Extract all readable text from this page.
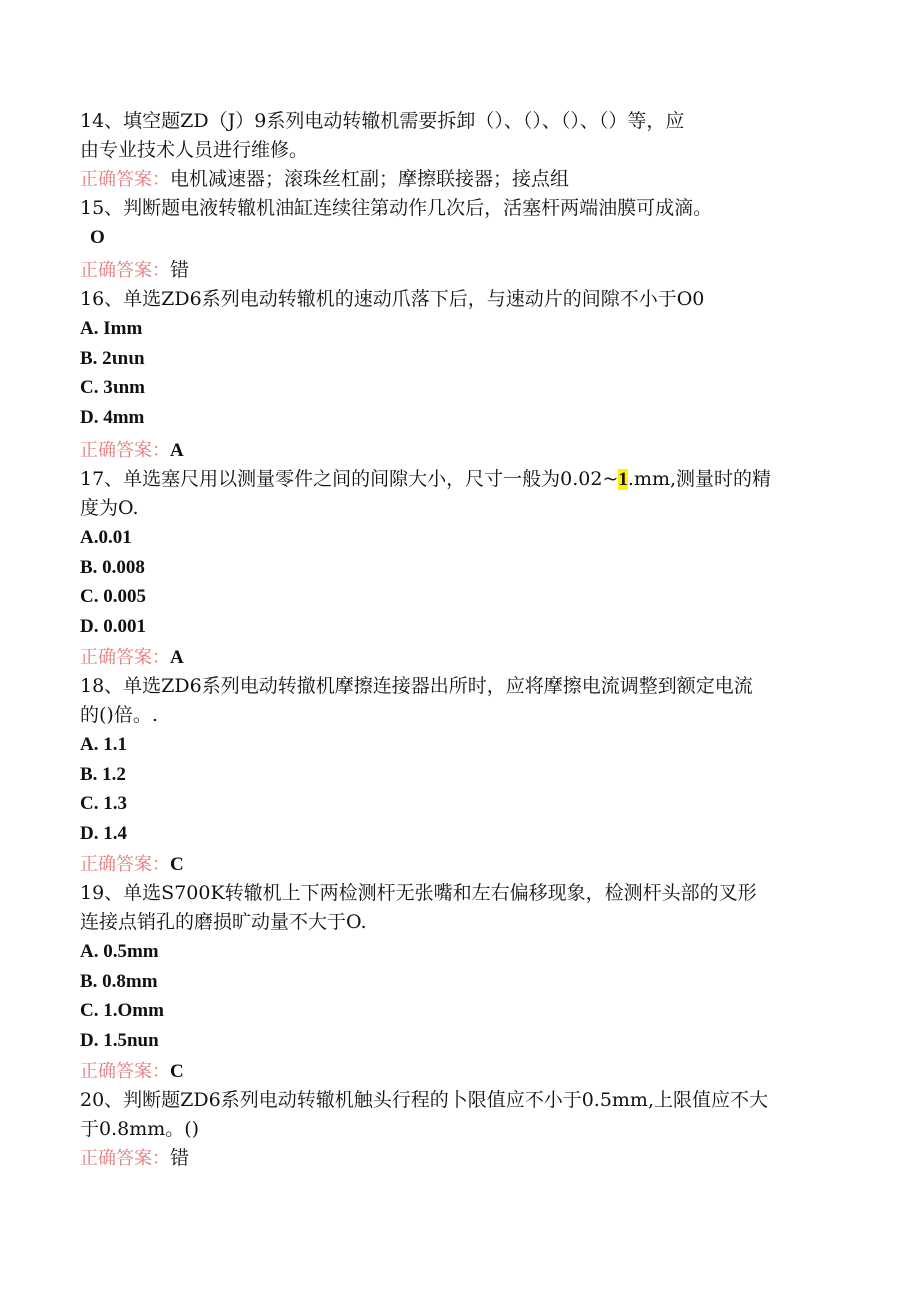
14、填空题ZD（J）9系列电动转辙机需要拆卸（）、（）、（）、（）等，应
由专业技术人员进行维修。
正确答案：电机减速器；滚珠丝杠副；摩擦联接器；接点组
15、判断题电液转辙机油缸连续往第动作几次后，活塞杆两端油膜可成滴。
O
正确答案：错
16、单选ZD6系列电动转辙机的速动爪落下后，与速动片的间隙不小于O0
A. Imm
B. 2ιnιn
C. 3ιnm
D. 4mm
正确答案：A
17、单选塞尺用以测量零件之间的间隙大小，尺寸一般为0.02~1.mm,测量时的精
度为O.
A.0.01
B. 0.008
C. 0.005
D. 0.001
正确答案：A
18、单选ZD6系列电动转撤机摩擦连接器出所时，应将摩擦电流调整到额定电流
的()倍。.
A. 1.1
B. 1.2
C. 1.3
D. 1.4
正确答案：C
19、单选S700K转辙机上下两检测杆无张嘴和左右偏移现象，检测杆头部的叉形
连接点销孔的磨损旷动量不大于O.
A. 0.5mm
B. 0.8mm
C. 1.Omm
D. 1.5nun
正确答案：C
20、判断题ZD6系列电动转辙机触头行程的卜限值应不小于0.5mm,上限值应不大
于0.8mm。()
正确答案：错
